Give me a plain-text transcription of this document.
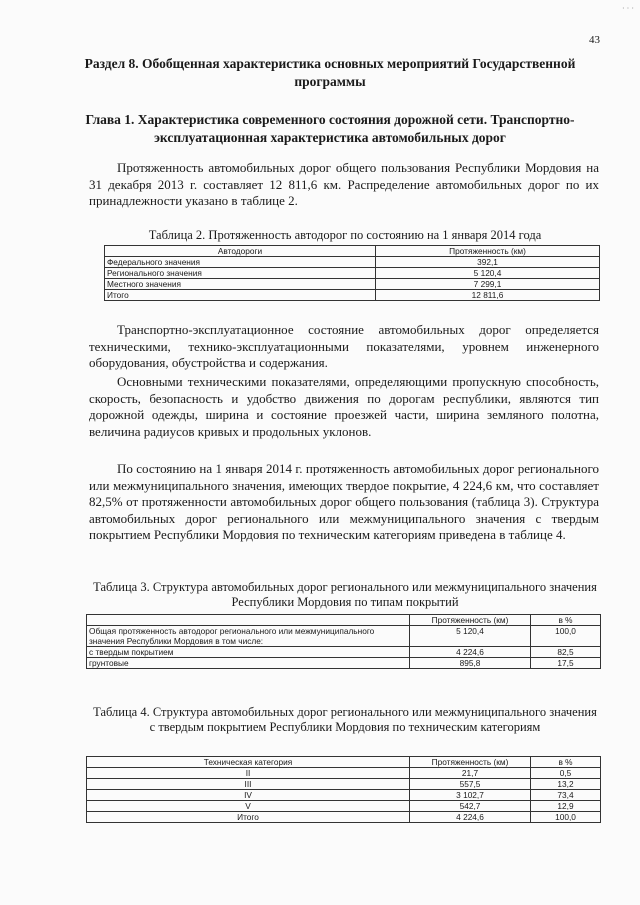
· · ·
43
Раздел 8. Обобщенная характеристика основных мероприятий Государственной программы
Глава 1. Характеристика современного состояния дорожной сети. Транспортно-эксплуатационная характеристика автомобильных дорог
Протяженность автомобильных дорог общего пользования Республики Мордовия на 31 декабря 2013 г. составляет 12 811,6 км. Распределение автомобильных дорог по их принадлежности указано в таблице 2.
Таблица 2. Протяженность автодорог по состоянию на 1 января 2014 года
Автодороги	Протяженность (км)
Федерального значения	392,1
Регионального значения	5 120,4
Местного значения	7 299,1
Итого	12 811,6
Транспортно-эксплуатационное состояние автомобильных дорог определяется техническими, технико-эксплуатационными показателями, уровнем инженерного оборудования, обустройства и содержания.
Основными техническими показателями, определяющими пропускную способность, скорость, безопасность и удобство движения по дорогам республики, являются тип дорожной одежды, ширина и состояние проезжей части, ширина земляного полотна, величина радиусов кривых и продольных уклонов.
По состоянию на 1 января 2014 г. протяженность автомобильных дорог регионального или межмуниципального значения, имеющих твердое покрытие, 4 224,6 км, что составляет 82,5% от протяженности автомобильных дорог общего пользования (таблица 3). Структура автомобильных дорог регионального или межмуниципального значения с твердым покрытием Республики Мордовия по техническим категориям приведена в таблице 4.
Таблица 3. Структура автомобильных дорог регионального или межмуниципального значения Республики Мордовия по типам покрытий
	Протяженность (км)	в %
Общая протяженность автодорог регионального или межмуниципального значения Республики Мордовия в том числе:	5 120,4	100,0
с твердым покрытием	4 224,6	82,5
грунтовые	895,8	17,5
Таблица 4. Структура автомобильных дорог регионального или межмуниципального значения с твердым покрытием Республики Мордовия по техническим категориям
Техническая категория	Протяженность (км)	в %
II	21,7	0,5
III	557,5	13,2
IV	3 102,7	73,4
V	542,7	12,9
Итого	4 224,6	100,0
